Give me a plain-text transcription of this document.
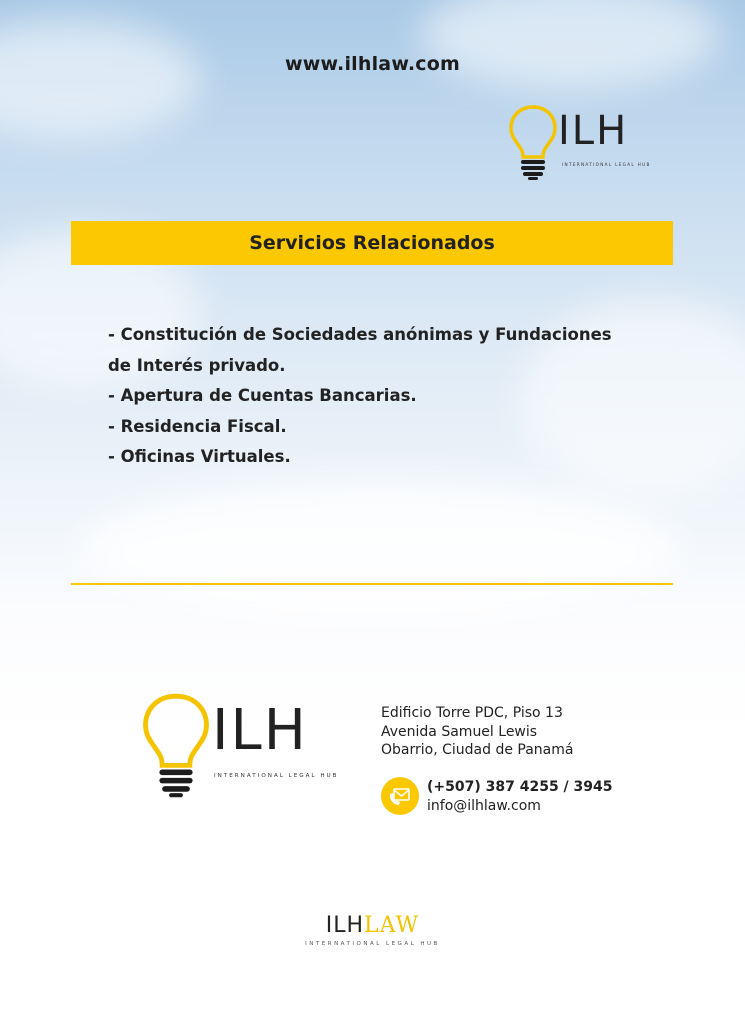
www.ilhlaw.com
ILH
INTERNATIONAL LEGAL HUB
Servicios Relacionados
- Constitución de Sociedades anónimas y Fundaciones
de Interés privado.
- Apertura de Cuentas Bancarias.
- Residencia Fiscal.
- Oficinas Virtuales.
ILH
INTERNATIONAL LEGAL HUB
Edificio Torre PDC, Piso 13
Avenida Samuel Lewis
Obarrio, Ciudad de Panamá
(+507) 387 4255 / 3945
info@ilhlaw.com
ILHLAW
INTERNATIONAL LEGAL HUB
